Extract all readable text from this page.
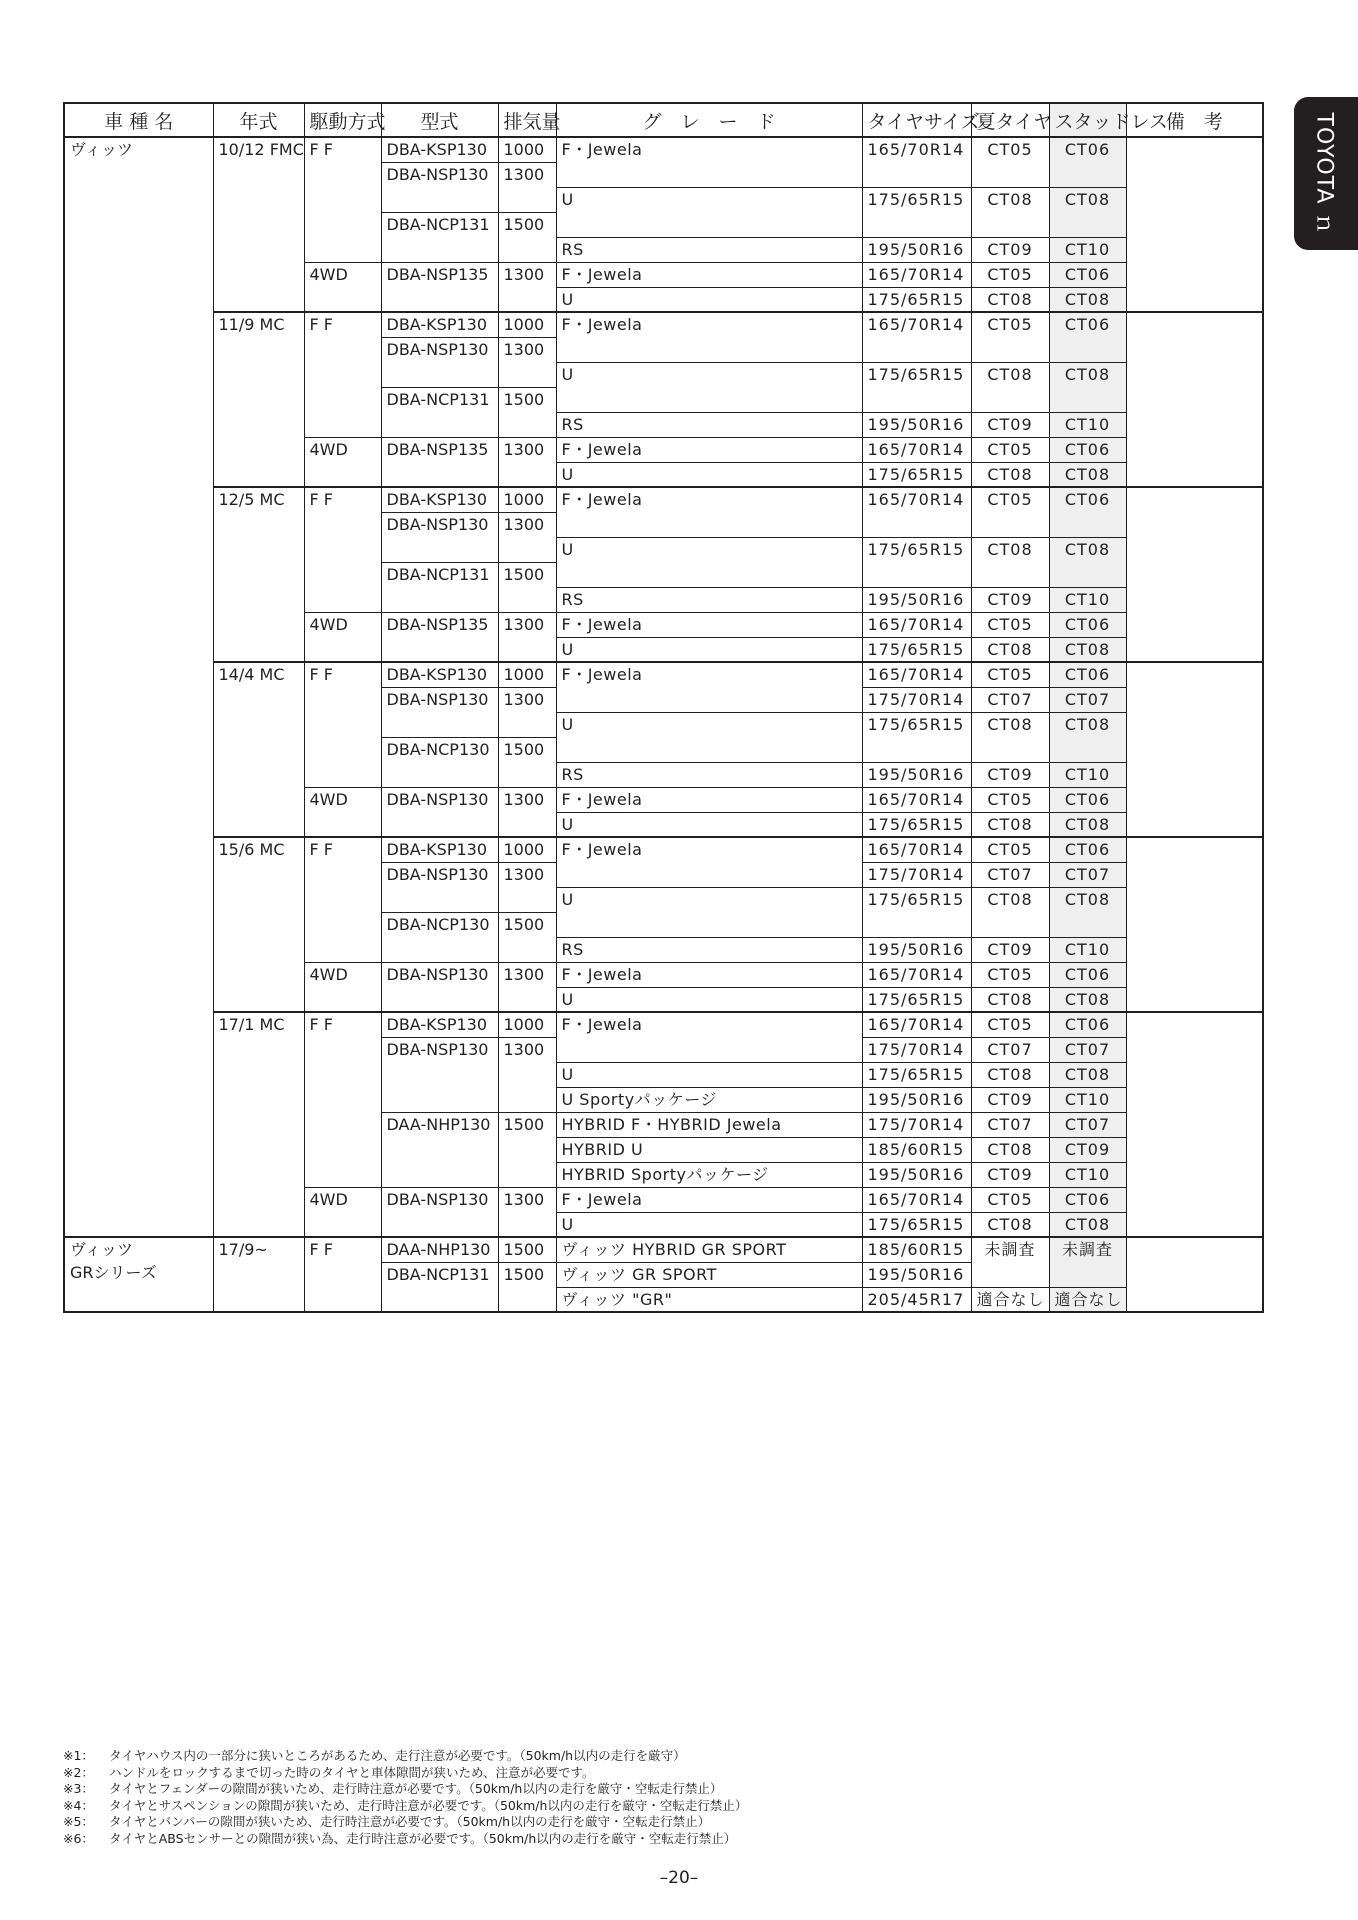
TOYOTA ｎ
車 種 名	年式	駆動方式	型式	排気量	グ　レ　ー　ド	タイヤサイズ	夏タイヤ	スタッドレス	備　考

ヴィッツ	10/12 FMC	F F	DBA-KSP130	1000	F・Jewela	165/70R14	CT05	CT06	
			DBA-NSP130	1300					
					U	175/65R15	CT08	CT08	
			DBA-NCP131	1500					
					RS	195/50R16	CT09	CT10	
		4WD	DBA-NSP135	1300	F・Jewela	165/70R14	CT05	CT06	
					U	175/65R15	CT08	CT08	
	11/9 MC	F F	DBA-KSP130	1000	F・Jewela	165/70R14	CT05	CT06	
			DBA-NSP130	1300					
					U	175/65R15	CT08	CT08	
			DBA-NCP131	1500					
					RS	195/50R16	CT09	CT10	
		4WD	DBA-NSP135	1300	F・Jewela	165/70R14	CT05	CT06	
					U	175/65R15	CT08	CT08	
	12/5 MC	F F	DBA-KSP130	1000	F・Jewela	165/70R14	CT05	CT06	
			DBA-NSP130	1300					
					U	175/65R15	CT08	CT08	
			DBA-NCP131	1500					
					RS	195/50R16	CT09	CT10	
		4WD	DBA-NSP135	1300	F・Jewela	165/70R14	CT05	CT06	
					U	175/65R15	CT08	CT08	
	14/4 MC	F F	DBA-KSP130	1000	F・Jewela	165/70R14	CT05	CT06	
			DBA-NSP130	1300		175/70R14	CT07	CT07	
					U	175/65R15	CT08	CT08	
			DBA-NCP130	1500					
					RS	195/50R16	CT09	CT10	
		4WD	DBA-NSP130	1300	F・Jewela	165/70R14	CT05	CT06	
					U	175/65R15	CT08	CT08	
	15/6 MC	F F	DBA-KSP130	1000	F・Jewela	165/70R14	CT05	CT06	
			DBA-NSP130	1300		175/70R14	CT07	CT07	
					U	175/65R15	CT08	CT08	
			DBA-NCP130	1500					
					RS	195/50R16	CT09	CT10	
		4WD	DBA-NSP130	1300	F・Jewela	165/70R14	CT05	CT06	
					U	175/65R15	CT08	CT08	
	17/1 MC	F F	DBA-KSP130	1000	F・Jewela	165/70R14	CT05	CT06	
			DBA-NSP130	1300		175/70R14	CT07	CT07	
					U	175/65R15	CT08	CT08	
					U Sportyパッケージ	195/50R16	CT09	CT10	
			DAA-NHP130	1500	HYBRID F・HYBRID Jewela	175/70R14	CT07	CT07	
					HYBRID U	185/60R15	CT08	CT09	
					HYBRID Sportyパッケージ	195/50R16	CT09	CT10	
		4WD	DBA-NSP130	1300	F・Jewela	165/70R14	CT05	CT06	
					U	175/65R15	CT08	CT08	

ヴィッツ
GRシリーズ	17/9~	F F	DAA-NHP130	1500	ヴィッツ HYBRID GR SPORT	185/60R15	未調査	未調査	
			DBA-NCP131	1500	ヴィッツ GR SPORT	195/50R16			
					ヴィッツ "GR"	205/45R17	適合なし	適合なし	
※1： タイヤハウス内の一部分に狭いところがあるため、走行注意が必要です。（50km/h以内の走行を厳守）
※2： ハンドルをロックするまで切った時のタイヤと車体隙間が狭いため、注意が必要です。
※3： タイヤとフェンダーの隙間が狭いため、走行時注意が必要です。（50km/h以内の走行を厳守・空転走行禁止）
※4： タイヤとサスペンションの隙間が狭いため、走行時注意が必要です。（50km/h以内の走行を厳守・空転走行禁止）
※5： タイヤとバンパーの隙間が狭いため、走行時注意が必要です。（50km/h以内の走行を厳守・空転走行禁止）
※6： タイヤとABSセンサーとの隙間が狭い為、走行時注意が必要です。（50km/h以内の走行を厳守・空転走行禁止）
–20–
